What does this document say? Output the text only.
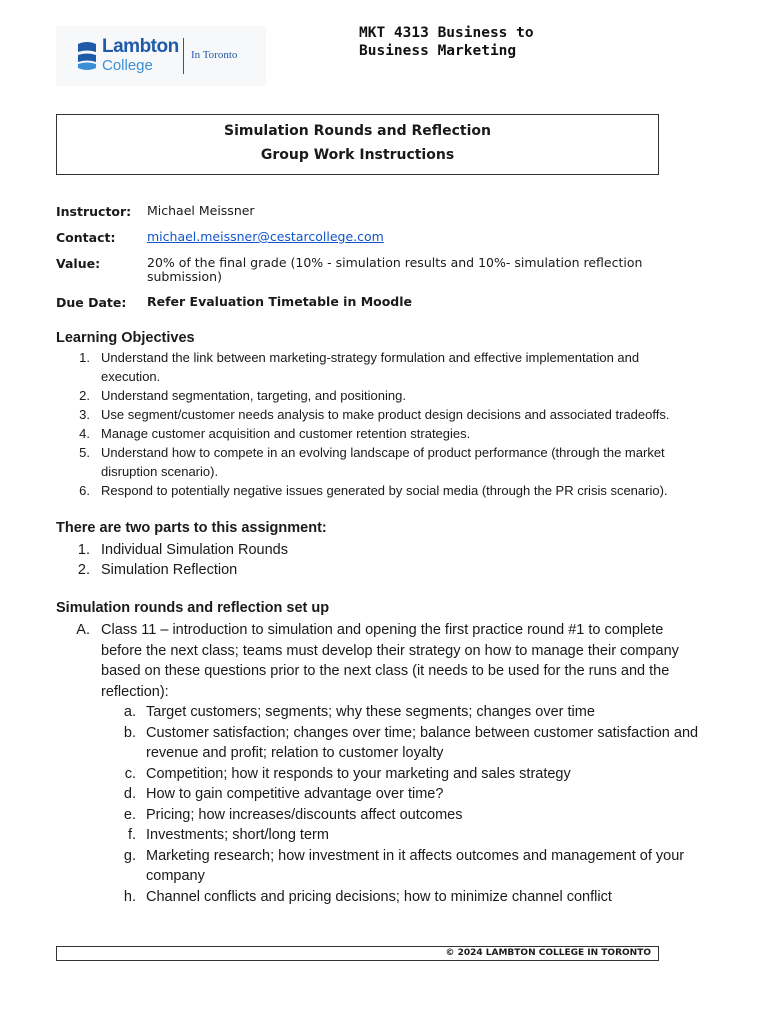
Lambton
College
In Toronto
MKT 4313 Business to
Business Marketing
Simulation Rounds and Reflection
Group Work Instructions
Instructor: Michael Meissner
Contact:	michael.meissner@cestarcollege.com
Value:	20% of the final grade (10% - simulation results and 10%- simulation reflection submission)
Due Date: Refer Evaluation Timetable in Moodle
Learning Objectives
1. Understand the link between marketing-strategy formulation and effective implementation and execution.
2. Understand segmentation, targeting, and positioning.
3. Use segment/customer needs analysis to make product design decisions and associated tradeoffs.
4. Manage customer acquisition and customer retention strategies.
5. Understand how to compete in an evolving landscape of product performance (through the market disruption scenario).
6. Respond to potentially negative issues generated by social media (through the PR crisis scenario).
There are two parts to this assignment:
1. Individual Simulation Rounds
2. Simulation Reflection
Simulation rounds and reflection set up
A. Class 11 – introduction to simulation and opening the first practice round #1 to complete before the next class; teams must develop their strategy on how to manage their company based on these questions prior to the next class (it needs to be used for the runs and the reflection):
a. Target customers; segments; why these segments; changes over time
b. Customer satisfaction; changes over time; balance between customer satisfaction and revenue and profit; relation to customer loyalty
c. Competition; how it responds to your marketing and sales strategy
d. How to gain competitive advantage over time?
e. Pricing; how increases/discounts affect outcomes
f. Investments; short/long term
g. Marketing research; how investment in it affects outcomes and management of your company
h. Channel conflicts and pricing decisions; how to minimize channel conflict
© 2024 LAMBTON COLLEGE IN TORONTO
